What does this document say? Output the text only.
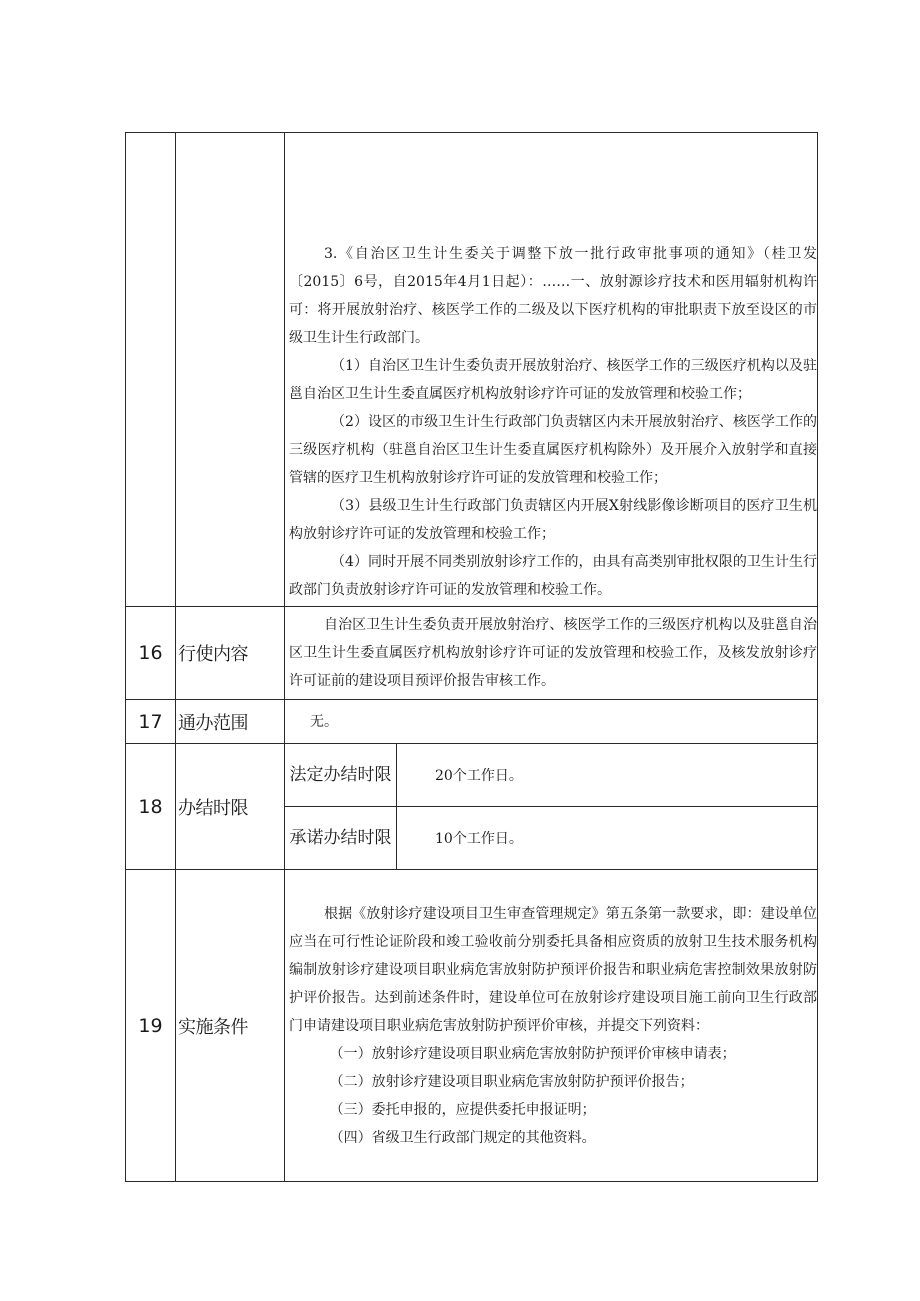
		3.《自治区卫生计生委关于调整下放一批行政审批事项的通知》（桂卫发〔2015〕6号，自2015年4月1日起）：……一、放射源诊疗技术和医用辐射机构许可：将开展放射治疗、核医学工作的二级及以下医疗机构的审批职责下放至设区的市级卫生计生行政部门。

（1）自治区卫生计生委负责开展放射治疗、核医学工作的三级医疗机构以及驻邕自治区卫生计生委直属医疗机构放射诊疗许可证的发放管理和校验工作；

（2）设区的市级卫生计生行政部门负责辖区内未开展放射治疗、核医学工作的三级医疗机构（驻邕自治区卫生计生委直属医疗机构除外）及开展介入放射学和直接管辖的医疗卫生机构放射诊疗许可证的发放管理和校验工作；

（3）县级卫生计生行政部门负责辖区内开展X射线影像诊断项目的医疗卫生机构放射诊疗许可证的发放管理和校验工作；

（4）同时开展不同类别放射诊疗工作的，由具有高类别审批权限的卫生计生行政部门负责放射诊疗许可证的发放管理和校验工作。	

16	行使内容	自治区卫生计生委负责开展放射治疗、核医学工作的三级医疗机构以及驻邕自治区卫生计生委直属医疗机构放射诊疗许可证的发放管理和校验工作，及核发放射诊疗许可证前的建设项目预评价报告审核工作。	

17	通办范围	无。	

18	办结时限	法定办结时限	20个工作日。
		承诺办结时限	10个工作日。
19	实施条件	根据《放射诊疗建设项目卫生审查管理规定》第五条第一款要求，即：建设单位应当在可行性论证阶段和竣工验收前分别委托具备相应资质的放射卫生技术服务机构编制放射诊疗建设项目职业病危害放射防护预评价报告和职业病危害控制效果放射防护评价报告。达到前述条件时，建设单位可在放射诊疗建设项目施工前向卫生行政部门申请建设项目职业病危害放射防护预评价审核，并提交下列资料：

（一）放射诊疗建设项目职业病危害放射防护预评价审核申请表；

（二）放射诊疗建设项目职业病危害放射防护预评价报告；

（三）委托申报的，应提供委托申报证明；

（四）省级卫生行政部门规定的其他资料。	
